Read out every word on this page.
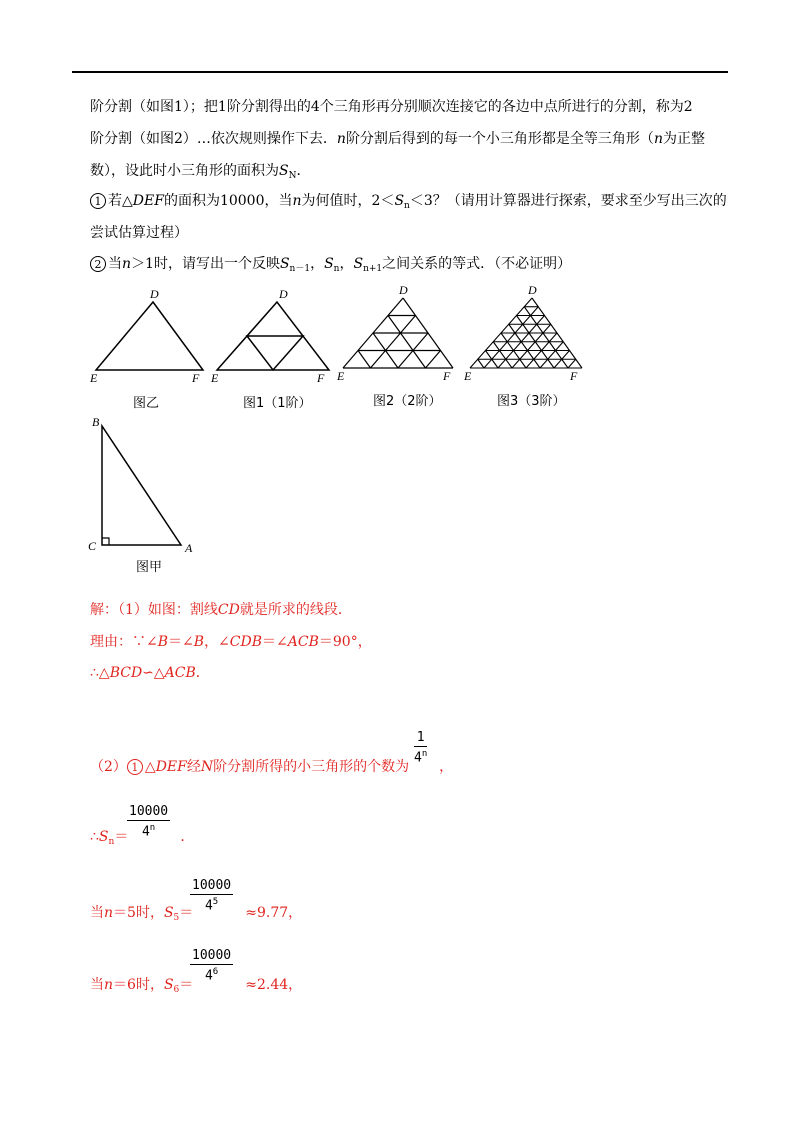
阶分割（如图1）；把1阶分割得出的4个三角形再分别顺次连接它的各边中点所进行的分割，称为2
阶分割（如图2）…依次规则操作下去．n阶分割后得到的每一个小三角形都是全等三角形（n为正整
数），设此时小三角形的面积为$S_N$．
1 若△DEF的面积为10000，当n为何值时，$2<S_n<3$？（请用计算器进行探索，要求至少写出三次的
尝试估算过程）
2 当n＞1时，请写出一个反映$S_{n-1}$，$S_n$，$S_{n+1}$之间关系的等式．（不必证明）
D
E	F
图乙
D
E	F
图1（1阶）
D
E	F
图2（2阶）
D
E	F
图3（3阶）
B
C	A
图甲
解：（1）如图：割线CD就是所求的线段．
理由：∵∠B＝∠B，∠CDB＝∠ACB＝90°，
∴△BCD∽△ACB．
（2） 1 △DEF经N阶分割所得的小三角形的个数为 ，
$\frac{1}{4^n}$
$\therefore S_n=$	．
$\frac{10000}{4^n}$
当n＝5时，$S_5=$	≈9.77，
$\frac{10000}{4^5}$
当n＝6时，$S_6=$	≈2.44，
$\frac{10000}{4^6}$
